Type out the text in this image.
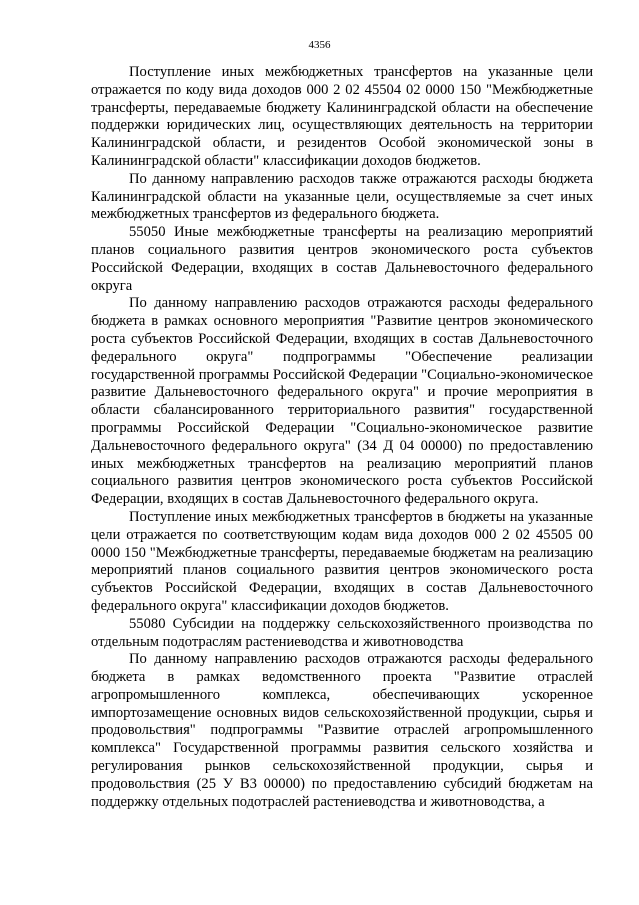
4356

Поступление иных межбюджетных трансфертов на указанные цели отражается по коду вида доходов 000 2 02 45504 02 0000 150 "Межбюджетные трансферты, передаваемые бюджету Калининградской области на обеспечение поддержки юридических лиц, осуществляющих деятельность на территории Калининградской области, и резидентов Особой экономической зоны в Калининградской области" классификации доходов бюджетов.

По данному направлению расходов также отражаются расходы бюджета Калининградской области на указанные цели, осуществляемые за счет иных межбюджетных трансфертов из федерального бюджета.

55050 Иные межбюджетные трансферты на реализацию мероприятий планов социального развития центров экономического роста субъектов Российской Федерации, входящих в состав Дальневосточного федерального округа

По данному направлению расходов отражаются расходы федерального бюджета в рамках основного мероприятия "Развитие центров экономического роста субъектов Российской Федерации, входящих в состав Дальневосточного федерального округа" подпрограммы "Обеспечение реализации государственной программы Российской Федерации "Социально-экономическое развитие Дальневосточного федерального округа" и прочие мероприятия в области сбалансированного территориального развития" государственной программы Российской Федерации "Социально-экономическое развитие Дальневосточного федерального округа" (34 Д 04 00000) по предоставлению иных межбюджетных трансфертов на реализацию мероприятий планов социального развития центров экономического роста субъектов Российской Федерации, входящих в состав Дальневосточного федерального округа.

Поступление иных межбюджетных трансфертов в бюджеты на указанные цели отражается по соответствующим кодам вида доходов 000 2 02 45505 00 0000 150 "Межбюджетные трансферты, передаваемые бюджетам на реализацию мероприятий планов социального развития центров экономического роста субъектов Российской Федерации, входящих в состав Дальневосточного федерального округа" классификации доходов бюджетов.

55080 Субсидии на поддержку сельскохозяйственного производства по отдельным подотраслям растениеводства и животноводства

По данному направлению расходов отражаются расходы федерального бюджета в рамках ведомственного проекта "Развитие отраслей агропромышленного комплекса, обеспечивающих ускоренное импортозамещение основных видов сельскохозяйственной продукции, сырья и продовольствия" подпрограммы "Развитие отраслей агропромышленного комплекса" Государственной программы развития сельского хозяйства и регулирования рынков сельскохозяйственной продукции, сырья и продовольствия (25 У В3 00000) по предоставлению субсидий бюджетам на поддержку отдельных подотраслей растениеводства и животноводства, а
